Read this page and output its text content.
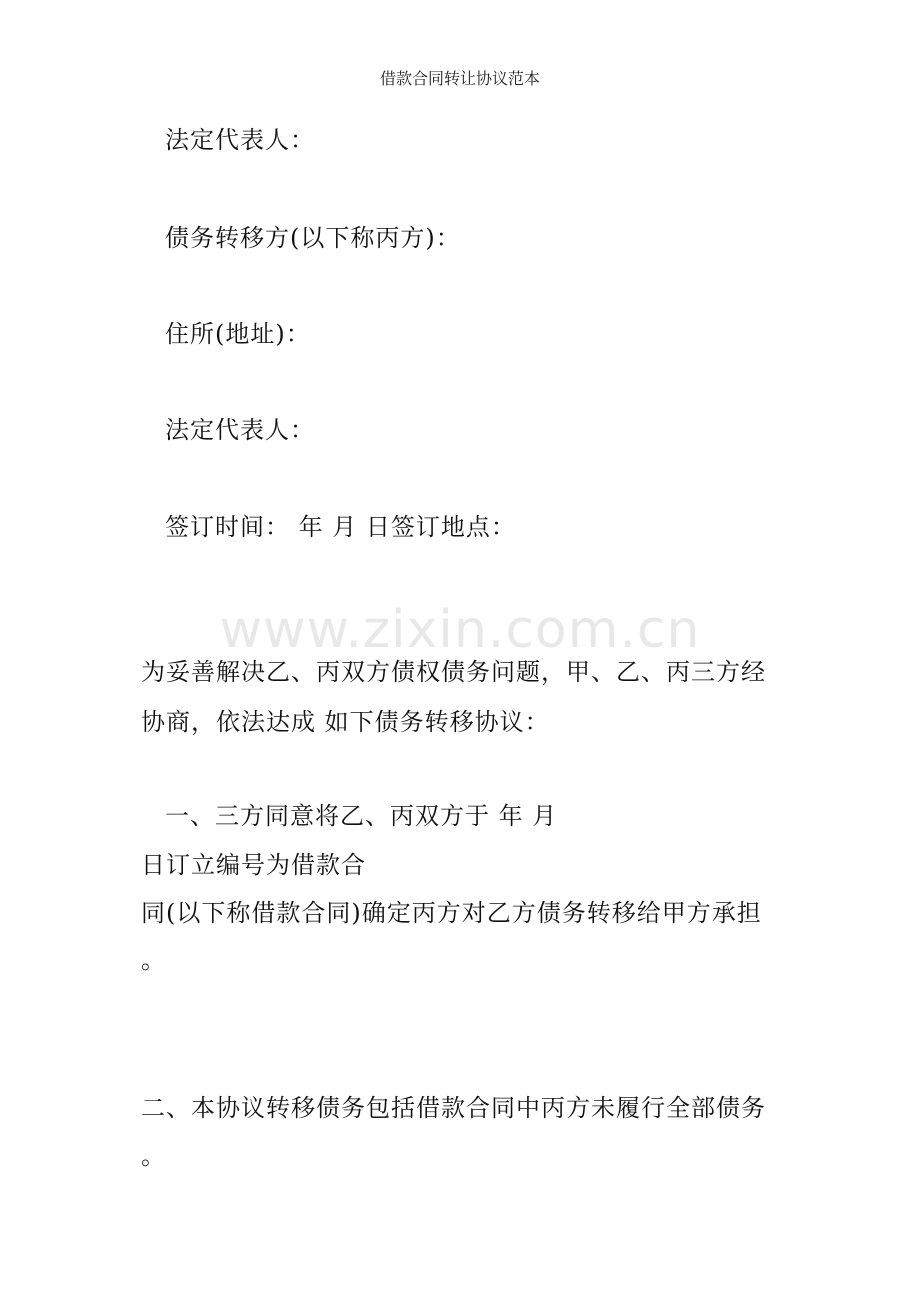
借款合同转让协议范本
www.zixin.com.cn
法定代表人：
债务转移方(以下称丙方)：
住所(地址)：
法定代表人：
签订时间： 年 月 日签订地点：
为妥善解决乙、丙双方债权债务问题，甲、乙、丙三方经
协商，依法达成 如下债务转移协议：
一、三方同意将乙、丙双方于 年 月
日订立编号为借款合
同(以下称借款合同)确定丙方对乙方债务转移给甲方承担
。
二、本协议转移债务包括借款合同中丙方未履行全部债务
。
